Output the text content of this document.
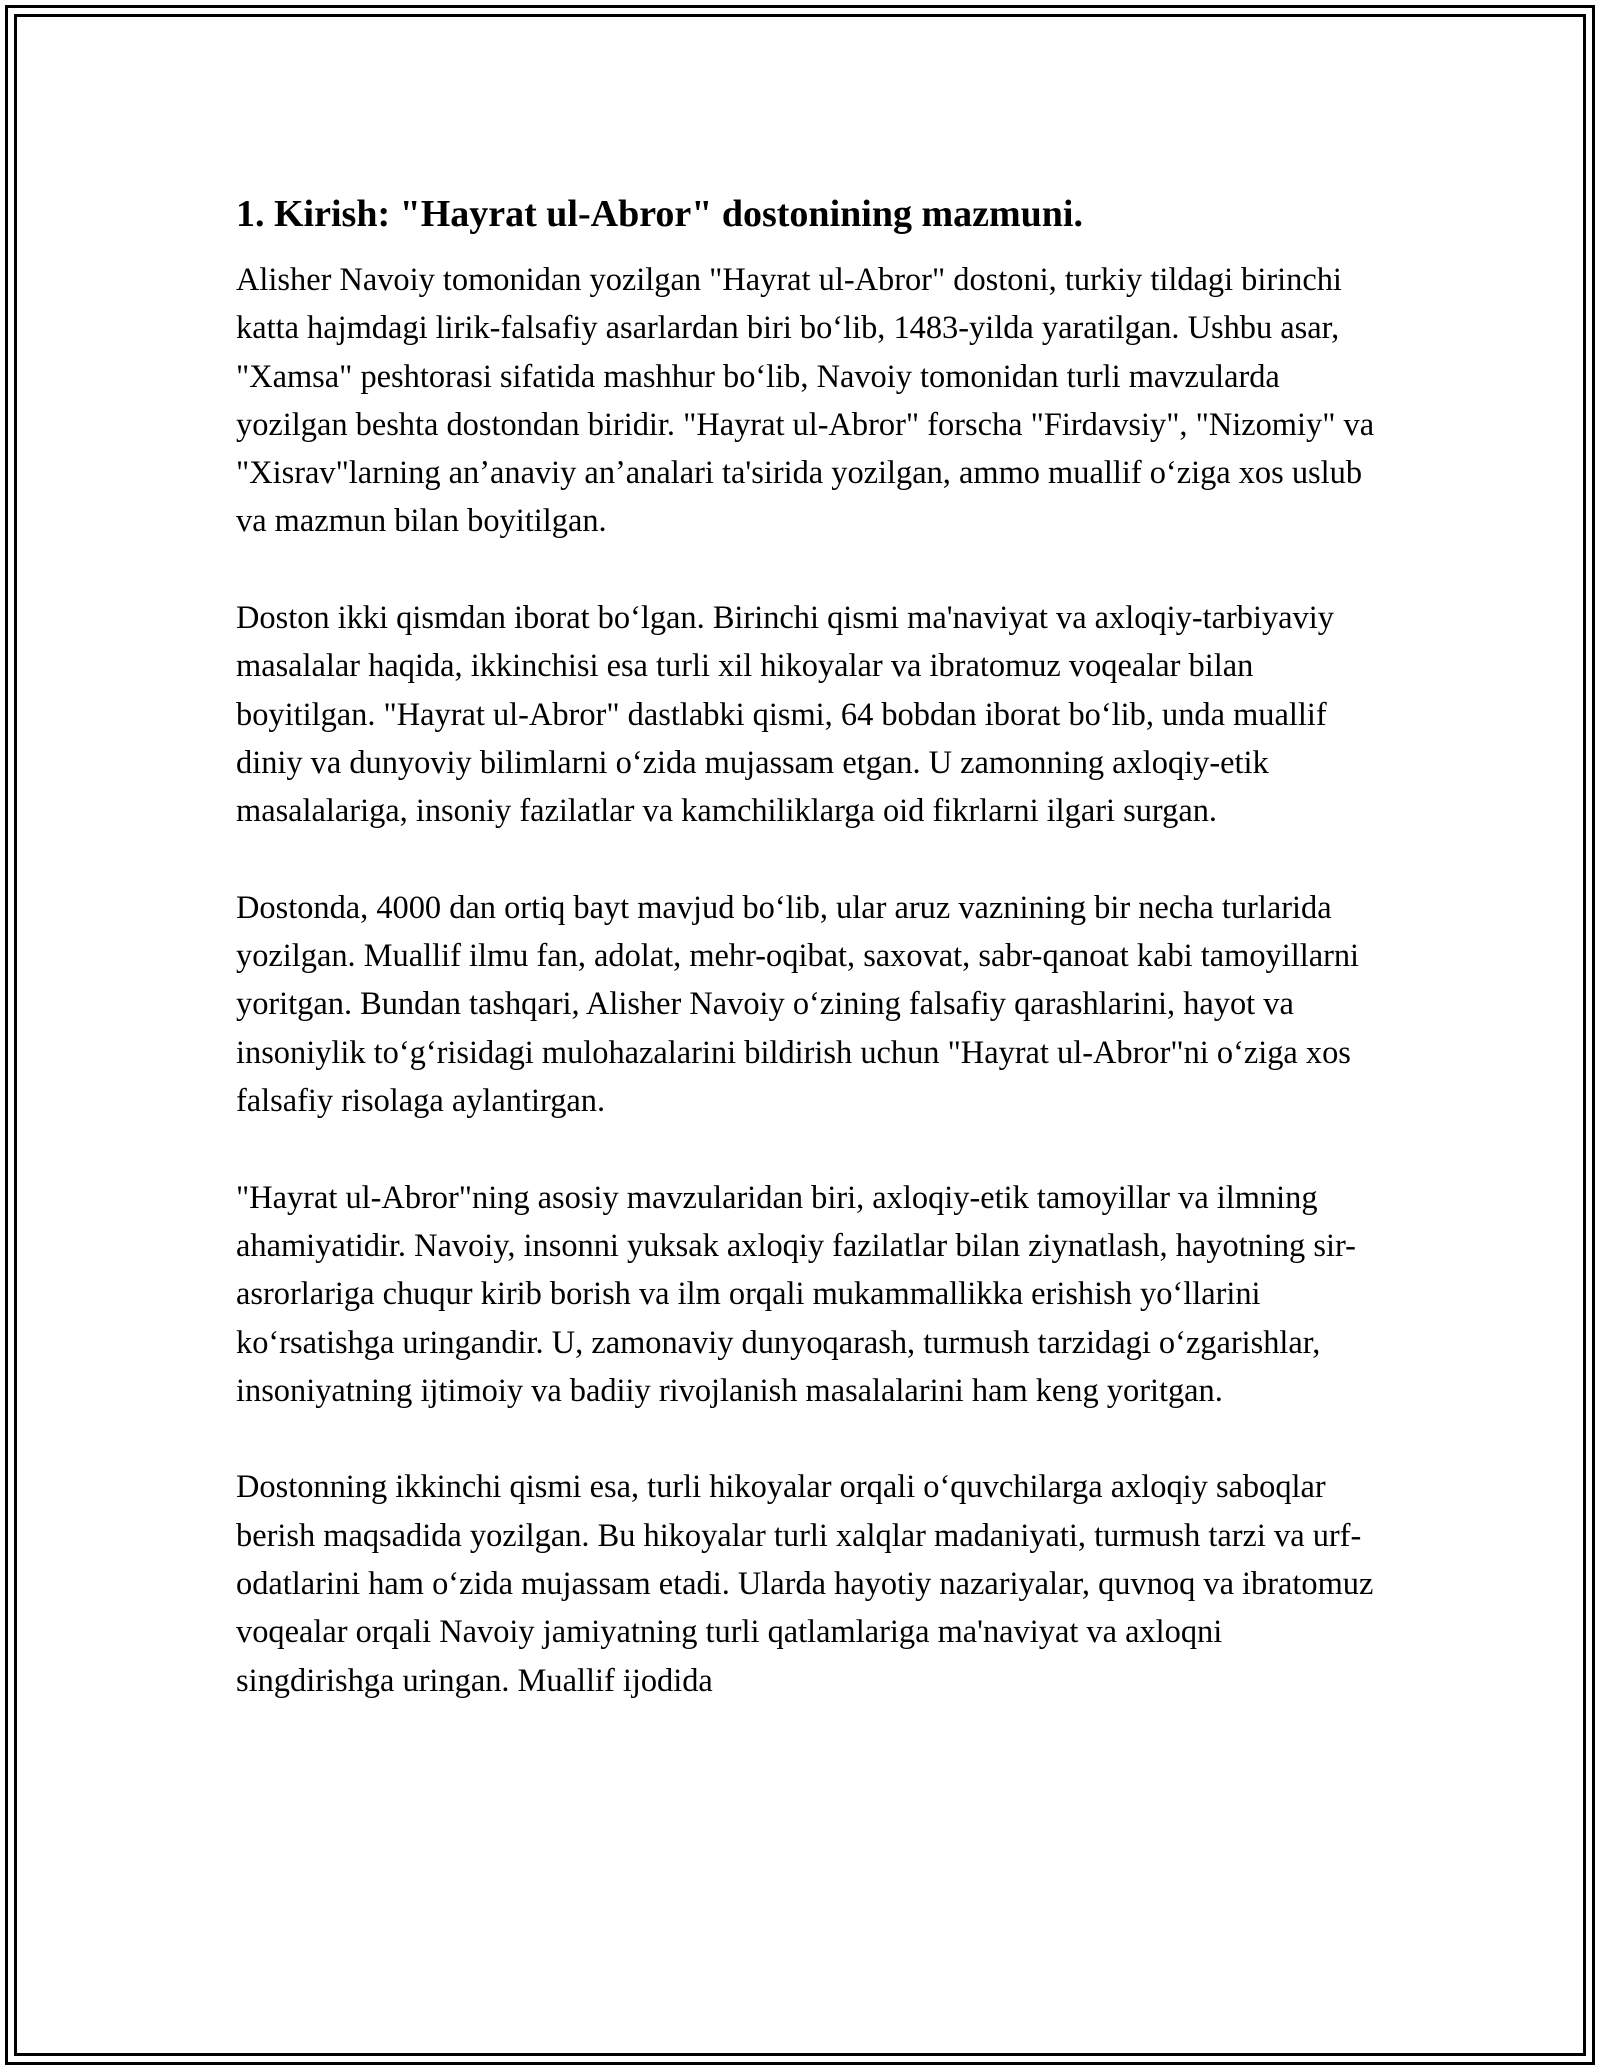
1. Kirish: "Hayrat ul-Abror" dostonining mazmuni.

Alisher Navoiy tomonidan yozilgan "Hayrat ul-Abror" dostoni, turkiy tildagi birinchi katta hajmdagi lirik-falsafiy asarlardan biri boʻlib, 1483-yilda yaratilgan. Ushbu asar, "Xamsa" peshtorasi sifatida mashhur boʻlib, Navoiy tomonidan turli mavzularda yozilgan beshta dostondan biridir. "Hayrat ul-Abror" forscha "Firdavsiy", "Nizomiy" va "Xisrav"larning anʼanaviy anʼanalari ta'sirida yozilgan, ammo muallif oʻziga xos uslub va mazmun bilan boyitilgan.

Doston ikki qismdan iborat boʻlgan. Birinchi qismi ma'naviyat va axloqiy-tarbiyaviy masalalar haqida, ikkinchisi esa turli xil hikoyalar va ibratomuz voqealar bilan boyitilgan. "Hayrat ul-Abror" dastlabki qismi, 64 bobdan iborat boʻlib, unda muallif diniy va dunyoviy bilimlarni oʻzida mujassam etgan. U zamonning axloqiy-etik masalalariga, insoniy fazilatlar va kamchiliklarga oid fikrlarni ilgari surgan.

Dostonda, 4000 dan ortiq bayt mavjud boʻlib, ular aruz vaznining bir necha turlarida yozilgan. Muallif ilmu fan, adolat, mehr-oqibat, saxovat, sabr-qanoat kabi tamoyillarni yoritgan. Bundan tashqari, Alisher Navoiy oʻzining falsafiy qarashlarini, hayot va insoniylik toʻgʻrisidagi mulohazalarini bildirish uchun "Hayrat ul-Abror"ni oʻziga xos falsafiy risolaga aylantirgan.

"Hayrat ul-Abror"ning asosiy mavzularidan biri, axloqiy-etik tamoyillar va ilmning ahamiyatidir. Navoiy, insonni yuksak axloqiy fazilatlar bilan ziynatlash, hayotning sir-asrorlariga chuqur kirib borish va ilm orqali mukammallikka erishish yoʻllarini koʻrsatishga uringandir. U, zamonaviy dunyoqarash, turmush tarzidagi oʻzgarishlar, insoniyatning ijtimoiy va badiiy rivojlanish masalalarini ham keng yoritgan.

Dostonning ikkinchi qismi esa, turli hikoyalar orqali oʻquvchilarga axloqiy saboqlar berish maqsadida yozilgan. Bu hikoyalar turli xalqlar madaniyati, turmush tarzi va urf-odatlarini ham oʻzida mujassam etadi. Ularda hayotiy nazariyalar, quvnoq va ibratomuz voqealar orqali Navoiy jamiyatning turli qatlamlariga ma'naviyat va axloqni singdirishga uringan. Muallif ijodida
